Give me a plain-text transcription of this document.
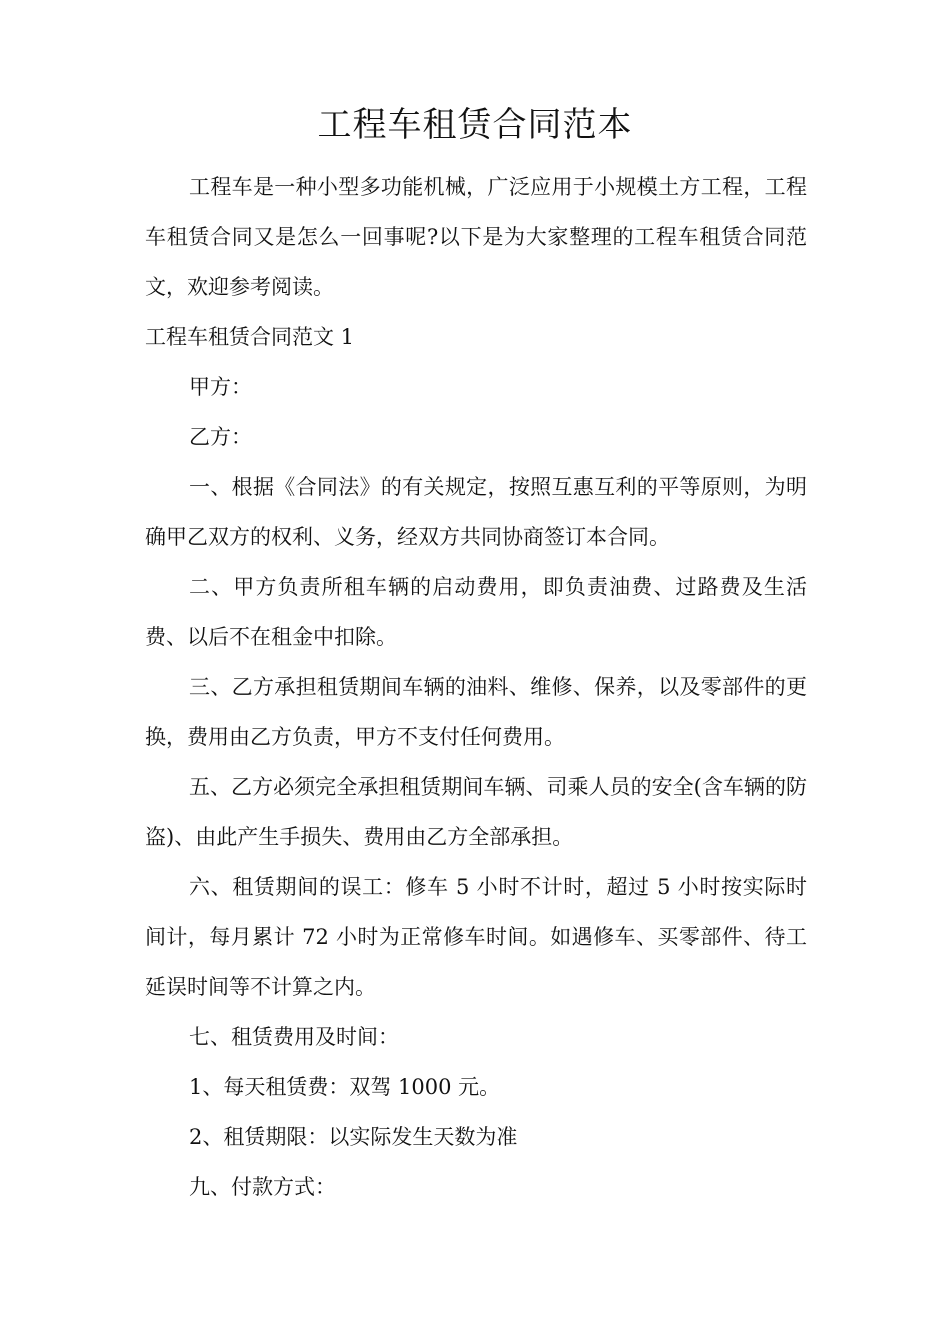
工程车租赁合同范本

工程车是一种小型多功能机械，广泛应用于小规模土方工程，工程车租赁合同又是怎么一回事呢?以下是为大家整理的工程车租赁合同范文，欢迎参考阅读。

工程车租赁合同范文 1

甲方：

乙方：

一、根据《合同法》的有关规定，按照互惠互利的平等原则，为明确甲乙双方的权利、义务，经双方共同协商签订本合同。

二、甲方负责所租车辆的启动费用，即负责油费、过路费及生活费、以后不在租金中扣除。

三、乙方承担租赁期间车辆的油料、维修、保养，以及零部件的更换，费用由乙方负责，甲方不支付任何费用。

五、乙方必须完全承担租赁期间车辆、司乘人员的安全(含车辆的防盗)、由此产生手损失、费用由乙方全部承担。

六、租赁期间的误工：修车 5 小时不计时，超过 5 小时按实际时间计，每月累计 72 小时为正常修车时间。如遇修车、买零部件、待工延误时间等不计算之内。

七、租赁费用及时间：

1、每天租赁费：双驾 1000 元。

2、租赁期限：以实际发生天数为准

九、付款方式：
